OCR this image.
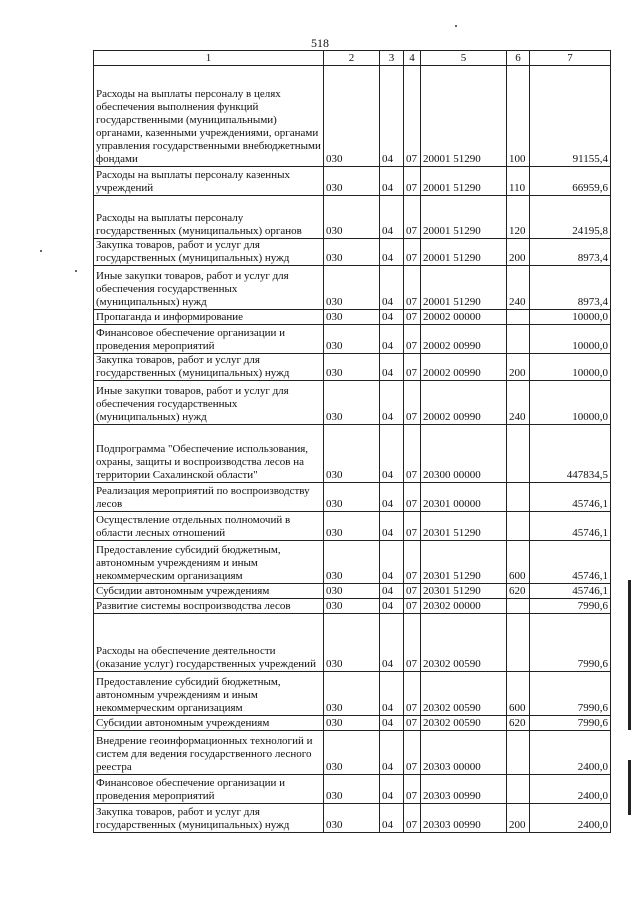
518
1	2	3	4	5	6	7
Расходы на выплаты персоналу в целях обеспечения выполнения функций государственными (муниципальными) органами, казенными учреждениями, органами управления государственными внебюджетными фондами	030	04	07	20001 51290	100	91155,4
Расходы на выплаты персоналу казенных учреждений	030	04	07	20001 51290	110	66959,6
Расходы на выплаты персоналу государственных (муниципальных) органов	030	04	07	20001 51290	120	24195,8
Закупка товаров, работ и услуг для государственных (муниципальных) нужд	030	04	07	20001 51290	200	8973,4
Иные закупки товаров, работ и услуг для обеспечения государственных (муниципальных) нужд	030	04	07	20001 51290	240	8973,4
Пропаганда и информирование	030	04	07	20002 00000		10000,0
Финансовое обеспечение организации и проведения мероприятий	030	04	07	20002 00990		10000,0
Закупка товаров, работ и услуг для государственных (муниципальных) нужд	030	04	07	20002 00990	200	10000,0
Иные закупки товаров, работ и услуг для обеспечения государственных (муниципальных) нужд	030	04	07	20002 00990	240	10000,0
Подпрограмма "Обеспечение использования, охраны, защиты и воспроизводства лесов на территории Сахалинской области"	030	04	07	20300 00000		447834,5
Реализация мероприятий по воспроизводству лесов	030	04	07	20301 00000		45746,1
Осуществление отдельных полномочий в области лесных отношений	030	04	07	20301 51290		45746,1
Предоставление субсидий бюджетным, автономным учреждениям и иным некоммерческим организациям	030	04	07	20301 51290	600	45746,1
Субсидии автономным учреждениям	030	04	07	20301 51290	620	45746,1
Развитие системы воспроизводства лесов	030	04	07	20302 00000		7990,6
Расходы на обеспечение деятельности (оказание услуг) государственных учреждений	030	04	07	20302 00590		7990,6
Предоставление субсидий бюджетным, автономным учреждениям и иным некоммерческим организациям	030	04	07	20302 00590	600	7990,6
Субсидии автономным учреждениям	030	04	07	20302 00590	620	7990,6
Внедрение геоинформационных технологий и систем для ведения государственного лесного реестра	030	04	07	20303 00000		2400,0
Финансовое обеспечение организации и проведения мероприятий	030	04	07	20303 00990		2400,0
Закупка товаров, работ и услуг для государственных (муниципальных) нужд	030	04	07	20303 00990	200	2400,0
